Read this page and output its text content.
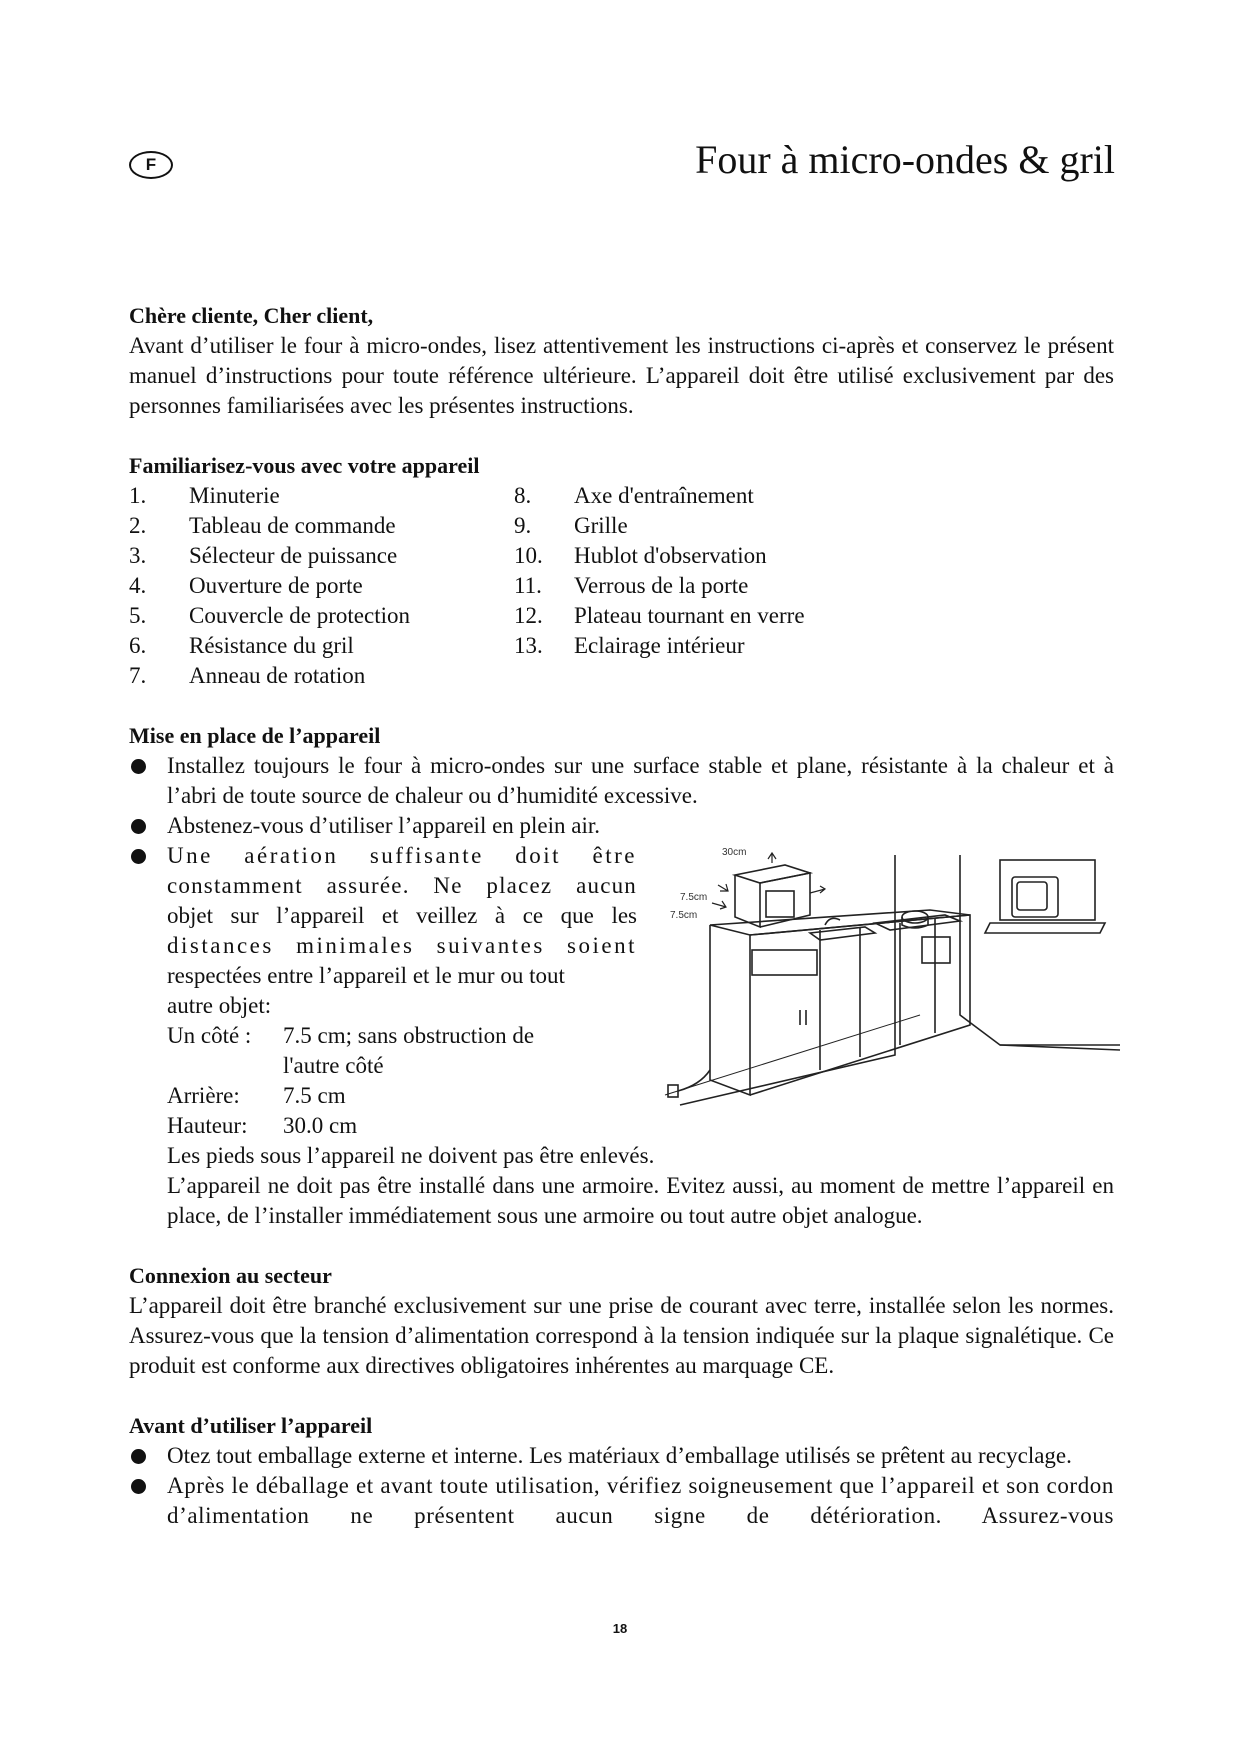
F	Four à micro-ondes & gril

Chère cliente, Cher client,

Avant d’utiliser le four à micro-ondes, lisez attentivement les instructions ci-après et conservez le présent manuel d’instructions pour toute référence ultérieure. L’appareil doit être utilisé exclusivement par des personnes familiarisées avec les présentes instructions.

Familiarisez-vous avec votre appareil

1.	Minuterie
2.	Tableau de commande
3.	Sélecteur de puissance
4.	Ouverture de porte
5.	Couvercle de protection
6.	Résistance du gril
7.	Anneau de rotation
8.	Axe d'entraînement
9.	Grille
10.	Hublot d'observation
11.	Verrous de la porte
12.	Plateau tournant en verre
13.	Eclairage intérieur

Mise en place de l’appareil

Installez toujours le four à micro-ondes sur une surface stable et plane, résistante à la chaleur et à l’abri de toute source de chaleur ou d’humidité excessive.
Abstenez-vous d’utiliser l’appareil en plein air.
Une aération suffisante doit être
constamment assurée. Ne placez aucun
objet sur l’appareil et veillez à ce que les
distances minimales suivantes soient
respectées entre l’appareil et le mur ou tout
autre objet:
Un côté :	7.5 cm; sans obstruction de
l'autre côté
Arrière:	7.5 cm
Hauteur:	30.0 cm

Les pieds sous l’appareil ne doivent pas être enlevés.

L’appareil ne doit pas être installé dans une armoire. Evitez aussi, au moment de mettre l’appareil en place, de l’installer immédiatement sous une armoire ou tout autre objet analogue.

Connexion au secteur

L’appareil doit être branché exclusivement sur une prise de courant avec terre, installée selon les normes. Assurez-vous que la tension d’alimentation correspond à la tension indiquée sur la plaque signalétique. Ce produit est conforme aux directives obligatoires inhérentes au marquage CE.

Avant d’utiliser l’appareil

Otez tout emballage externe et interne. Les matériaux d’emballage utilisés se prêtent au recyclage.
Après le déballage et avant toute utilisation, vérifiez soigneusement que l’appareil et son cordon d’alimentation ne présentent aucun signe de détérioration. Assurez-vous
30cm
7.5cm
7.5cm
18
